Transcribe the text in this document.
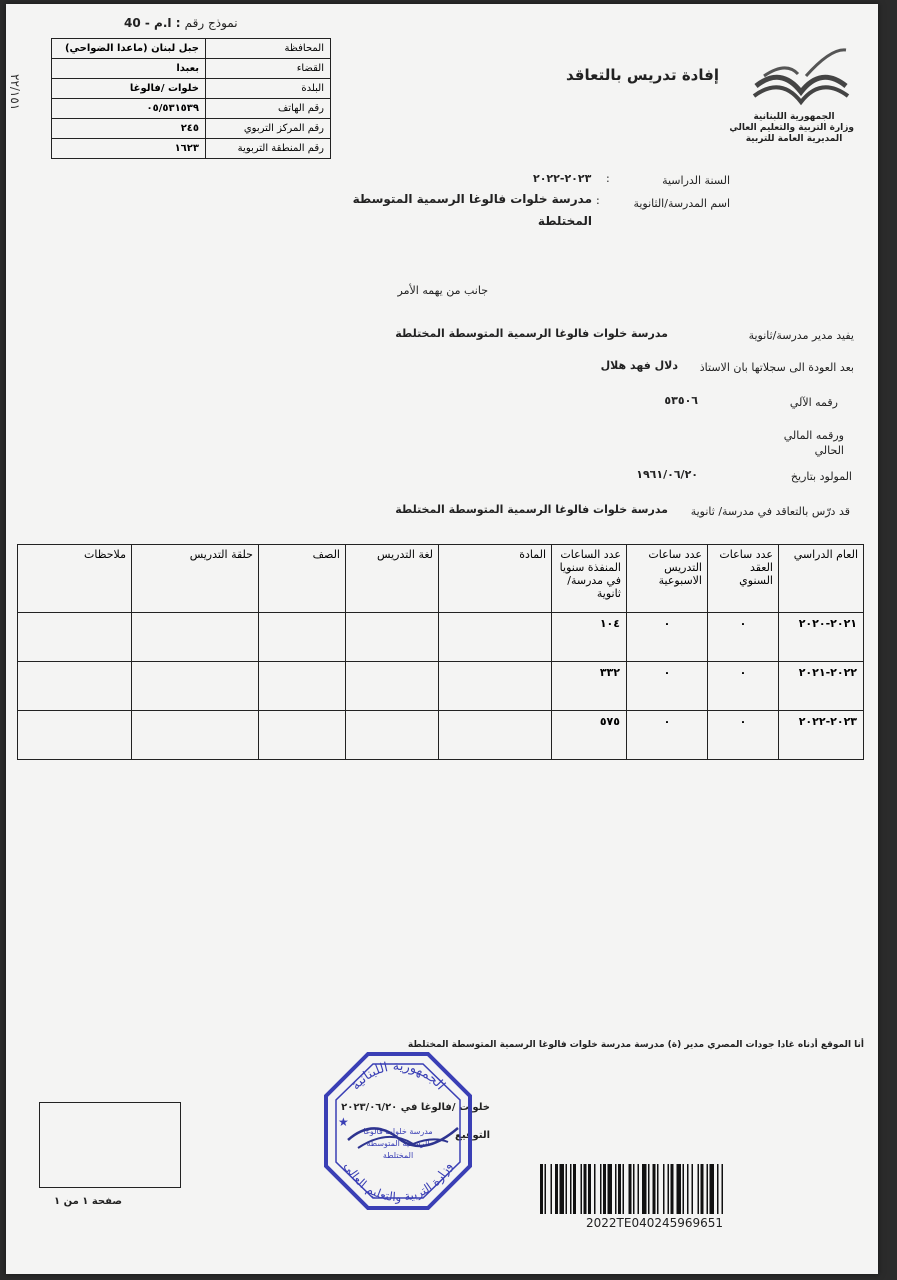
نموذج رقم : ا.م - 40
٢٢/١٥١
المحافظة	جبل لبنان (ماعدا الضواحي)
القضاء	بعبدا
البلدة	خلوات /فالوغا
رقم الهاتف	٠٥/٥٣١٥٣٩
رقم المركز التربوي	٢٤٥
رقم المنطقة التربوية	١٦٢٣
الجمهورية اللبنانية
وزارة التربية والتعليم العالي
المديرية العامة للتربية
إفادة تدريس بالتعاقد
السنة الدراسية
:
٢٠٢٣-٢٠٢٢
اسم المدرسة/الثانوية
:
مدرسة خلوات فالوغا الرسمية المتوسطة
المختلطة
جانب من يهمه الأمر
يفيد مدير مدرسة/ثانوية
مدرسة خلوات فالوغا الرسمية المتوسطة المختلطة
بعد العودة الى سجلاتها بان الاستاذ
دلال فهد هلال
رقمه الآلي
٥٣٥٠٦
ورقمه المالي
الحالي
المولود بتاريخ
١٩٦١/٠٦/٢٠
قد درّس بالتعاقد في مدرسة/ ثانوية
مدرسة خلوات فالوغا الرسمية المتوسطة المختلطة
العام الدراسي	عدد ساعات العقد السنوي	عدد ساعات التدريس الاسبوعية	عدد الساعات المنفذة سنويا في مدرسة/ثانوية	المادة	لغة التدريس	الصف	حلقة التدريس	ملاحظات
٢٠٢١-٢٠٢٠	٠	٠	١٠٤					
٢٠٢٢-٢٠٢١	٠	٠	٣٣٢					
٢٠٢٣-٢٠٢٢	٠	٠	٥٧٥					
أنا الموقع أدناه غادا جودات المصري مدير (ة) مدرسة مدرسة خلوات فالوغا الرسمية المتوسطة المختلطة
خلوات /فالوغا في ٢٠٢٣/٠٦/٢٠
التوقيع
الجمهورية اللبنانية
وزارة التربية والتعليم العالي
مدرسة خلوات فالوغا
الرسمية المتوسطة
المختلطة
★
صفحة ١ من ١
2022TE040245969651
